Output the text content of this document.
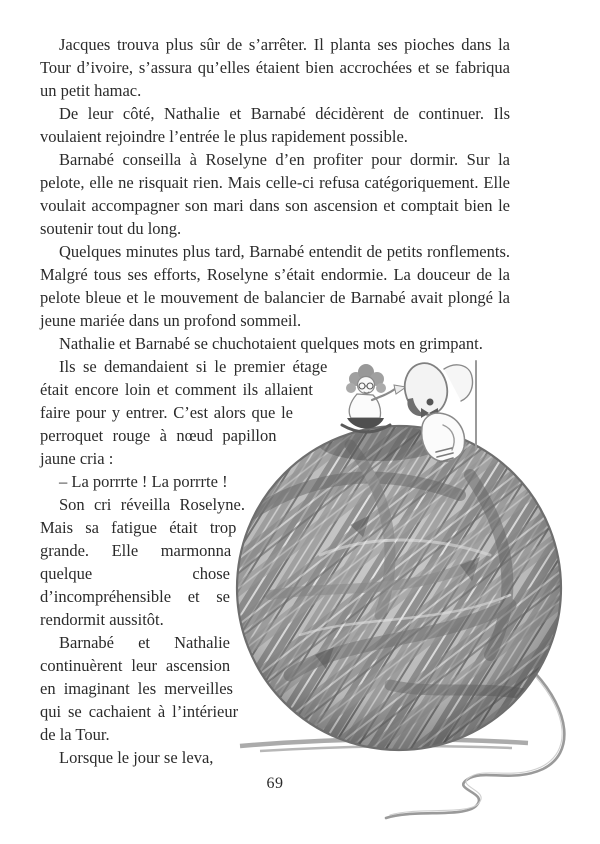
Jacques trouva plus sûr de s’arrêter. Il planta ses pioches dans la Tour d’ivoire, s’assura qu’elles étaient bien accrochées et se fabriqua un petit hamac.

De leur côté, Nathalie et Barnabé décidèrent de continuer. Ils voulaient rejoindre l’entrée le plus rapidement possible.

Barnabé conseilla à Roselyne d’en profiter pour dormir. Sur la pelote, elle ne risquait rien. Mais celle-ci refusa catégoriquement. Elle voulait accompagner son mari dans son ascension et comptait bien le soutenir tout du long.

Quelques minutes plus tard, Barnabé entendit de petits ronflements. Malgré tous ses efforts, Roselyne s’était endormie. La douceur de la pelote bleue et le mouvement de balancier de Barnabé avait plongé la jeune mariée dans un profond sommeil.

Nathalie et Barnabé se chuchotaient quelques mots en grimpant.

Ils se demandaient si le premier étage était encore loin et comment ils allaient faire pour y entrer. C’est alors que le perroquet rouge à nœud papillon jaune cria :

– La porrrte ! La porrrte !

Son cri réveilla Roselyne. Mais sa fatigue était trop grande. Elle marmonna quelque chose d’incompréhensible et se rendormit aussitôt.

Barnabé et Nathalie continuèrent leur ascension en imaginant les merveilles qui se cachaient à l’intérieur de la Tour.

Lorsque le jour se leva,

69
